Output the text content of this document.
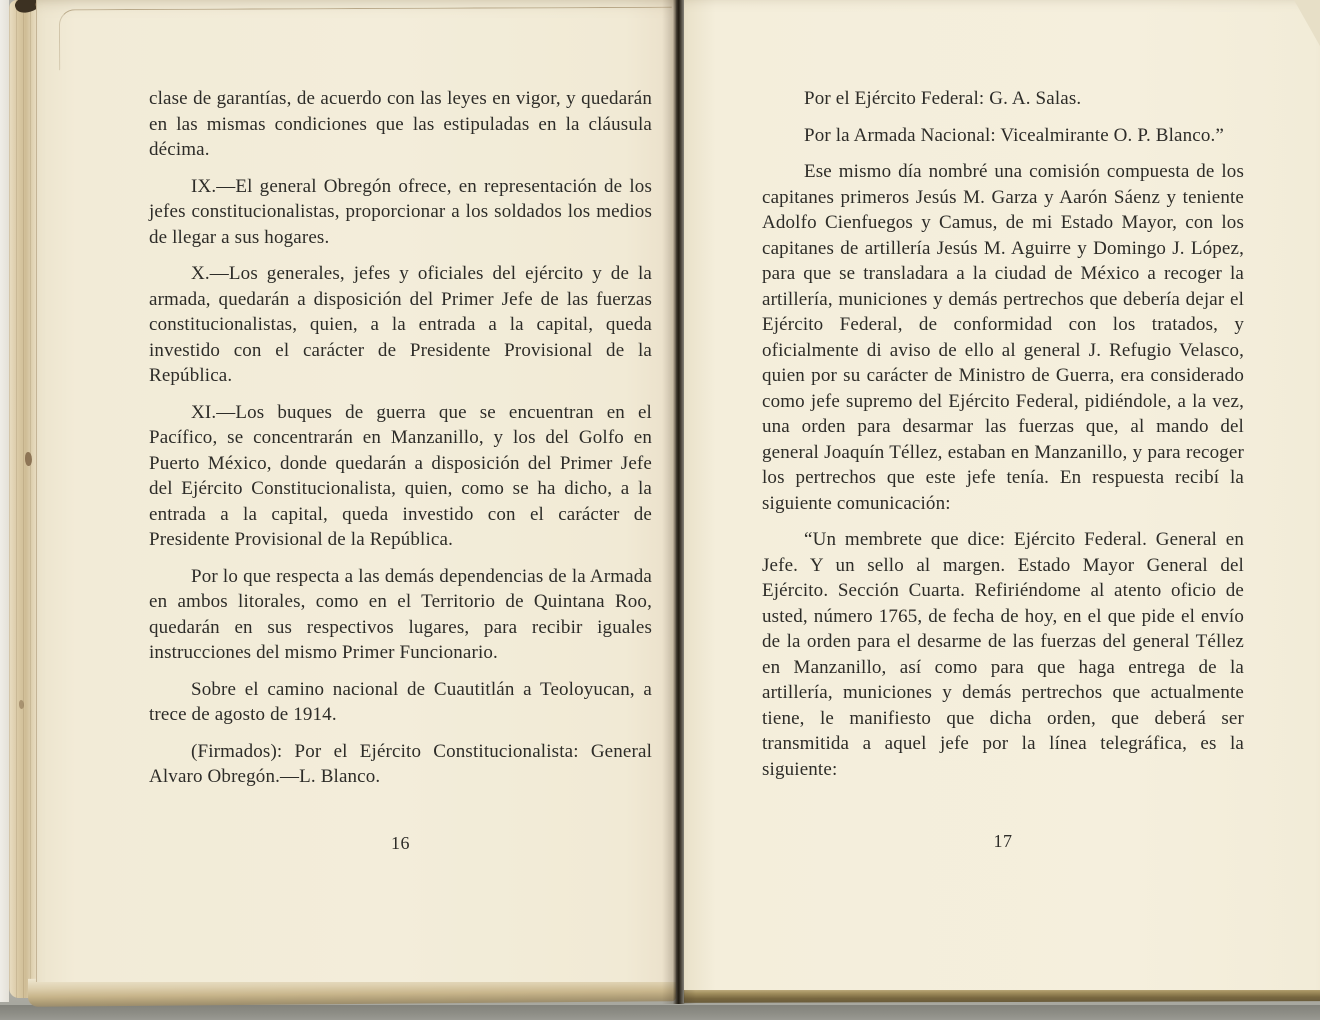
clase de garantías, de acuerdo con las leyes en vigor, y quedarán en las mismas condiciones que las estipuladas en la cláusula décima.

IX.—El general Obregón ofrece, en representación de los jefes constitucionalistas, proporcionar a los soldados los medios de llegar a sus hogares.

X.—Los generales, jefes y oficiales del ejército y de la armada, quedarán a disposición del Primer Jefe de las fuerzas constitucionalistas, quien, a la entrada a la capital, queda investido con el carácter de Presidente Provisional de la República.

XI.—Los buques de guerra que se encuentran en el Pacífico, se concentrarán en Manzanillo, y los del Golfo en Puerto México, donde quedarán a disposición del Primer Jefe del Ejército Constitucionalista, quien, como se ha dicho, a la entrada a la capital, queda investido con el carácter de Presidente Provisional de la República.

Por lo que respecta a las demás dependencias de la Armada en ambos litorales, como en el Territorio de Quintana Roo, quedarán en sus respectivos lugares, para recibir iguales instrucciones del mismo Primer Funcionario.

Sobre el camino nacional de Cuautitlán a Teoloyucan, a trece de agosto de 1914.

(Firmados): Por el Ejército Constitucionalista: General Alvaro Obregón.—L. Blanco.

16

Por el Ejército Federal: G. A. Salas.

Por la Armada Nacional: Vicealmirante O. P. Blanco.”

Ese mismo día nombré una comisión compuesta de los capitanes primeros Jesús M. Garza y Aarón Sáenz y teniente Adolfo Cienfuegos y Camus, de mi Estado Mayor, con los capitanes de artillería Jesús M. Aguirre y Domingo J. López, para que se transladara a la ciudad de México a recoger la artillería, municiones y demás pertrechos que debería dejar el Ejército Federal, de conformidad con los tratados, y oficialmente di aviso de ello al general J. Refugio Velasco, quien por su carácter de Ministro de Guerra, era considerado como jefe supremo del Ejército Federal, pidiéndole, a la vez, una orden para desarmar las fuerzas que, al mando del general Joaquín Téllez, estaban en Manzanillo, y para recoger los pertrechos que este jefe tenía. En respuesta recibí la siguiente comunicación:

“Un membrete que dice: Ejército Federal. General en Jefe. Y un sello al margen. Estado Mayor General del Ejército. Sección Cuarta. Refiriéndome al atento oficio de usted, número 1765, de fecha de hoy, en el que pide el envío de la orden para el desarme de las fuerzas del general Téllez en Manzanillo, así como para que haga entrega de la artillería, municiones y demás pertrechos que actualmente tiene, le manifiesto que dicha orden, que deberá ser transmitida a aquel jefe por la línea telegráfica, es la siguiente:

17
